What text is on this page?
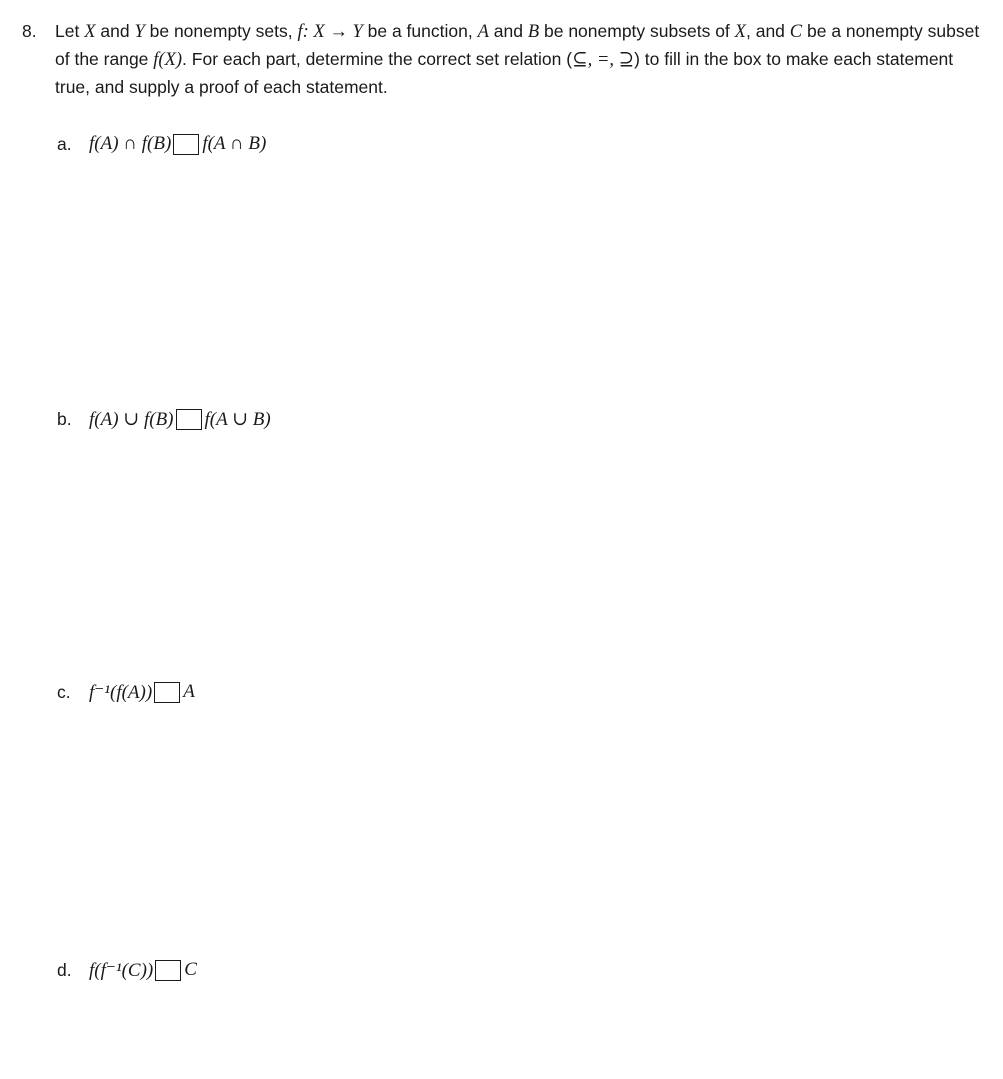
8. Let X and Y be nonempty sets, f: X → Y be a function, A and B be nonempty subsets of X, and C be a nonempty subset of the range f(X). For each part, determine the correct set relation (⊆, =, ⊇) to fill in the box to make each statement true, and supply a proof of each statement.
a. f(A) ∩ f(B) f(A ∩ B)
b. f(A) ∪ f(B) f(A ∪ B)
c. f⁻¹(f(A)) A
d. f(f⁻¹(C)) C
